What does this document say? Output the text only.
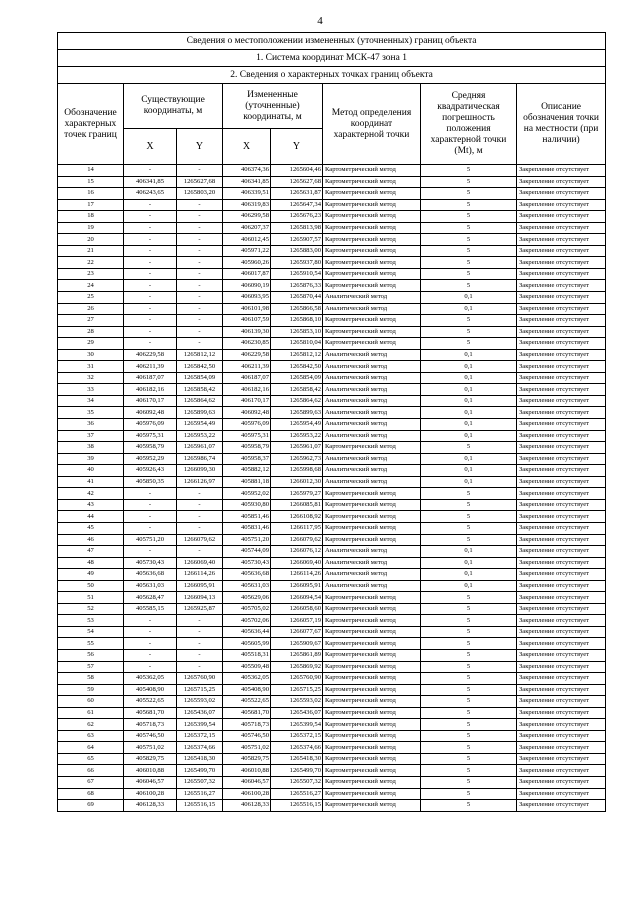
4
Сведения о местоположении измененных (уточненных) границ объекта							
1. Система координат МСК-47 зона 1							
2. Сведения о характерных точках границ объекта							
Обозначение характерных точек границ	Существующие координаты, м		Измененные (уточненные) координаты, м		Метод определения координат характерной точки	Средняя квадратическая погрешность положения характерной точки (Mt), м	Описание обозначения точки на местности (при наличии)
	X	Y	X	Y			
14	-	-	406374,36	1265604,46	Картометрический метод	5	Закрепление отсутствует
15	406341,85	1265627,68	406341,85	1265627,68	Картометрический метод	5	Закрепление отсутствует
16	406243,65	1265803,20	406339,51	1265631,87	Картометрический метод	5	Закрепление отсутствует
17	-	-	406319,83	1265647,34	Картометрический метод	5	Закрепление отсутствует
18	-	-	406299,58	1265676,23	Картометрический метод	5	Закрепление отсутствует
19	-	-	406207,37	1265813,98	Картометрический метод	5	Закрепление отсутствует
20	-	-	406012,45	1265907,57	Картометрический метод	5	Закрепление отсутствует
21	-	-	405971,22	1265883,00	Картометрический метод	5	Закрепление отсутствует
22	-	-	405960,26	1265937,80	Картометрический метод	5	Закрепление отсутствует
23	-	-	406017,87	1265910,54	Картометрический метод	5	Закрепление отсутствует
24	-	-	406090,19	1265876,33	Картометрический метод	5	Закрепление отсутствует
25	-	-	406093,95	1265870,44	Аналитический метод	0,1	Закрепление отсутствует
26	-	-	406101,98	1265866,58	Аналитический метод	0,1	Закрепление отсутствует
27	-	-	406107,59	1265868,10	Картометрический метод	5	Закрепление отсутствует
28	-	-	406139,30	1265853,10	Картометрический метод	5	Закрепление отсутствует
29	-	-	406230,85	1265810,04	Картометрический метод	5	Закрепление отсутствует
30	406229,58	1265812,12	406229,58	1265812,12	Аналитический метод	0,1	Закрепление отсутствует
31	406211,39	1265842,50	406211,39	1265842,50	Аналитический метод	0,1	Закрепление отсутствует
32	406187,07	1265854,09	406187,07	1265854,09	Аналитический метод	0,1	Закрепление отсутствует
33	406182,16	1265858,42	406182,16	1265858,42	Аналитический метод	0,1	Закрепление отсутствует
34	406170,17	1265864,62	406170,17	1265864,62	Аналитический метод	0,1	Закрепление отсутствует
35	406092,48	1265899,63	406092,48	1265899,63	Аналитический метод	0,1	Закрепление отсутствует
36	405976,09	1265954,49	405976,09	1265954,49	Аналитический метод	0,1	Закрепление отсутствует
37	405975,31	1265953,22	405975,31	1265953,22	Аналитический метод	0,1	Закрепление отсутствует
38	405958,79	1265961,07	405958,79	1265961,07	Картометрический метод	5	Закрепление отсутствует
39	405952,29	1265986,74	405958,37	1265962,73	Аналитический метод	0,1	Закрепление отсутствует
40	405926,43	1266099,30	405882,12	1265998,68	Аналитический метод	0,1	Закрепление отсутствует
41	405850,35	1266126,97	405881,18	1266012,30	Аналитический метод	0,1	Закрепление отсутствует
42	-	-	405952,02	1265979,27	Картометрический метод	5	Закрепление отсутствует
43	-	-	405930,80	1266085,81	Картометрический метод	5	Закрепление отсутствует
44	-	-	405851,46	1266108,92	Картометрический метод	5	Закрепление отсутствует
45	-	-	405831,46	1266117,95	Картометрический метод	5	Закрепление отсутствует
46	405751,20	1266079,62	405751,20	1266079,62	Картометрический метод	5	Закрепление отсутствует
47	-	-	405744,09	1266076,12	Аналитический метод	0,1	Закрепление отсутствует
48	405730,43	1266069,40	405730,43	1266069,40	Аналитический метод	0,1	Закрепление отсутствует
49	405636,68	1266114,26	405636,68	1266114,26	Аналитический метод	0,1	Закрепление отсутствует
50	405631,03	1266095,91	405631,03	1266095,91	Аналитический метод	0,1	Закрепление отсутствует
51	405628,47	1266094,13	405629,06	1266094,54	Картометрический метод	5	Закрепление отсутствует
52	405585,15	1265925,87	405705,02	1266058,60	Картометрический метод	5	Закрепление отсутствует
53	-	-	405702,06	1266057,19	Картометрический метод	5	Закрепление отсутствует
54	-	-	405636,44	1266077,67	Картометрический метод	5	Закрепление отсутствует
55	-	-	405605,99	1265909,67	Картометрический метод	5	Закрепление отсутствует
56	-	-	405518,31	1265861,89	Картометрический метод	5	Закрепление отсутствует
57	-	-	405509,48	1265869,92	Картометрический метод	5	Закрепление отсутствует
58	405362,05	1265760,90	405362,05	1265760,90	Картометрический метод	5	Закрепление отсутствует
59	405408,90	1265715,25	405408,90	1265715,25	Картометрический метод	5	Закрепление отсутствует
60	405522,65	1265593,02	405522,65	1265593,02	Картометрический метод	5	Закрепление отсутствует
61	405681,70	1265436,07	405681,70	1265436,07	Картометрический метод	5	Закрепление отсутствует
62	405718,73	1265399,54	405718,73	1265399,54	Картометрический метод	5	Закрепление отсутствует
63	405746,50	1265372,15	405746,50	1265372,15	Картометрический метод	5	Закрепление отсутствует
64	405751,02	1265374,66	405751,02	1265374,66	Картометрический метод	5	Закрепление отсутствует
65	405829,75	1265418,30	405829,75	1265418,30	Картометрический метод	5	Закрепление отсутствует
66	406010,88	1265499,70	406010,88	1265499,70	Картометрический метод	5	Закрепление отсутствует
67	406046,57	1265507,32	406046,57	1265507,32	Картометрический метод	5	Закрепление отсутствует
68	406100,28	1265516,27	406100,28	1265516,27	Картометрический метод	5	Закрепление отсутствует
69	406128,33	1265516,15	406128,33	1265516,15	Картометрический метод	5	Закрепление отсутствует
